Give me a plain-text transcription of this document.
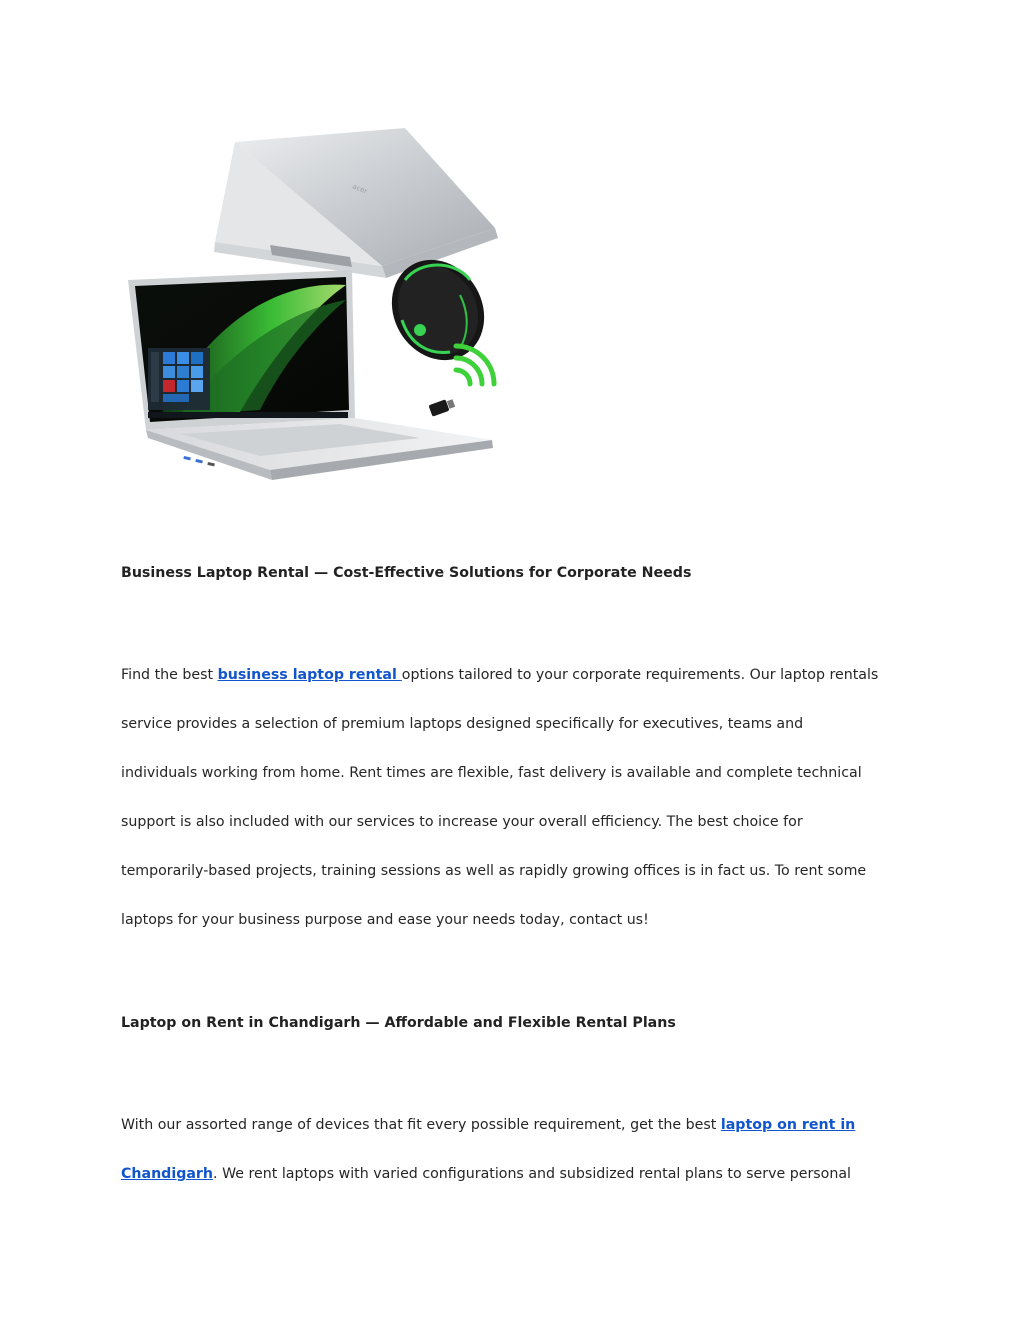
acer
Business Laptop Rental — Cost-Effective Solutions for Corporate Needs
Find the best business laptop rental options tailored to your corporate requirements. Our laptop rentals
service provides a selection of premium laptops designed specifically for executives, teams and
individuals working from home. Rent times are flexible, fast delivery is available and complete technical
support is also included with our services to increase your overall efficiency. The best choice for
temporarily-based projects, training sessions as well as rapidly growing offices is in fact us. To rent some
laptops for your business purpose and ease your needs today, contact us!
Laptop on Rent in Chandigarh — Affordable and Flexible Rental Plans
With our assorted range of devices that fit every possible requirement, get the best laptop on rent in
Chandigarh. We rent laptops with varied configurations and subsidized rental plans to serve personal
